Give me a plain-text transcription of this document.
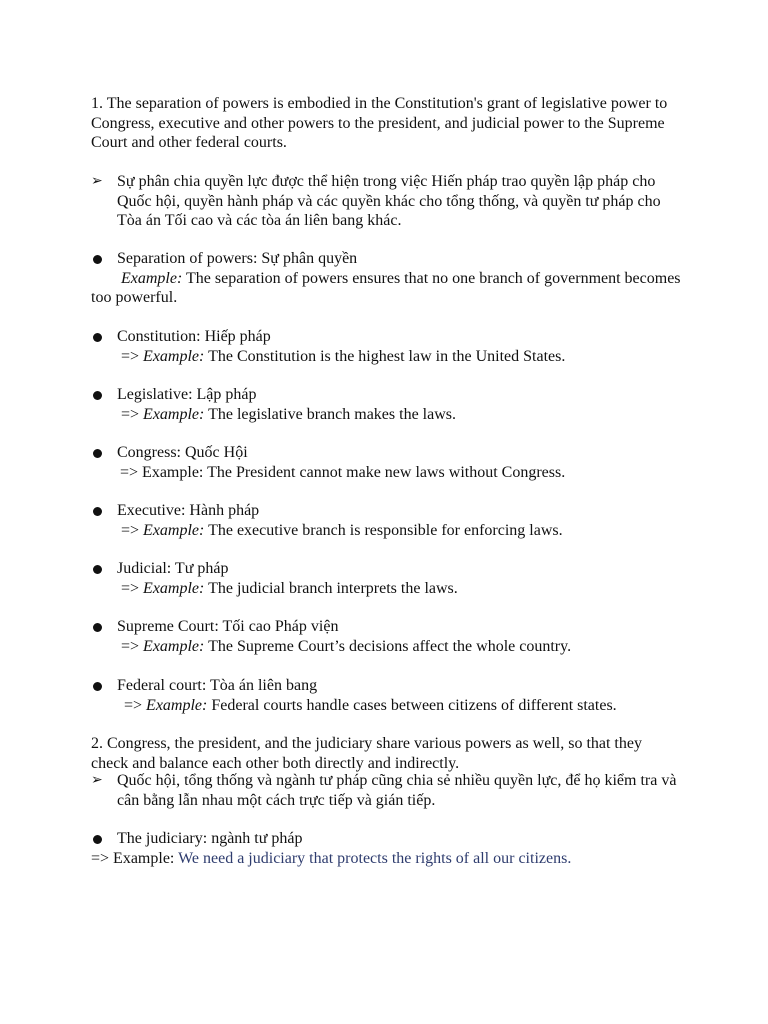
1. The separation of powers is embodied in the Constitution's grant of legislative power to Congress, executive and other powers to the president, and judicial power to the Supreme Court and other federal courts.

➢ Sự phân chia quyền lực được thể hiện trong việc Hiến pháp trao quyền lập pháp cho Quốc hội, quyền hành pháp và các quyền khác cho tổng thống, và quyền tư pháp cho Tòa án Tối cao và các tòa án liên bang khác.
Separation of powers: Sự phân quyền
Example: The separation of powers ensures that no one branch of government becomes too powerful.
Constitution: Hiếp pháp
=> Example: The Constitution is the highest law in the United States.
Legislative: Lập pháp
=> Example: The legislative branch makes the laws.
Congress: Quốc Hội
=> Example: The President cannot make new laws without Congress.
Executive: Hành pháp
=> Example: The executive branch is responsible for enforcing laws.
Judicial: Tư pháp
=> Example: The judicial branch interprets the laws.
Supreme Court: Tối cao Pháp viện
=> Example: The Supreme Court’s decisions affect the whole country.
Federal court: Tòa án liên bang
=> Example: Federal courts handle cases between citizens of different states.

2. Congress, the president, and the judiciary share various powers as well, so that they check and balance each other both directly and indirectly.

➢ Quốc hội, tổng thống và ngành tư pháp cũng chia sẻ nhiều quyền lực, để họ kiểm tra và cân bằng lẫn nhau một cách trực tiếp và gián tiếp.
The judiciary: ngành tư pháp
=> Example: We need a judiciary that protects the rights of all our citizens.
